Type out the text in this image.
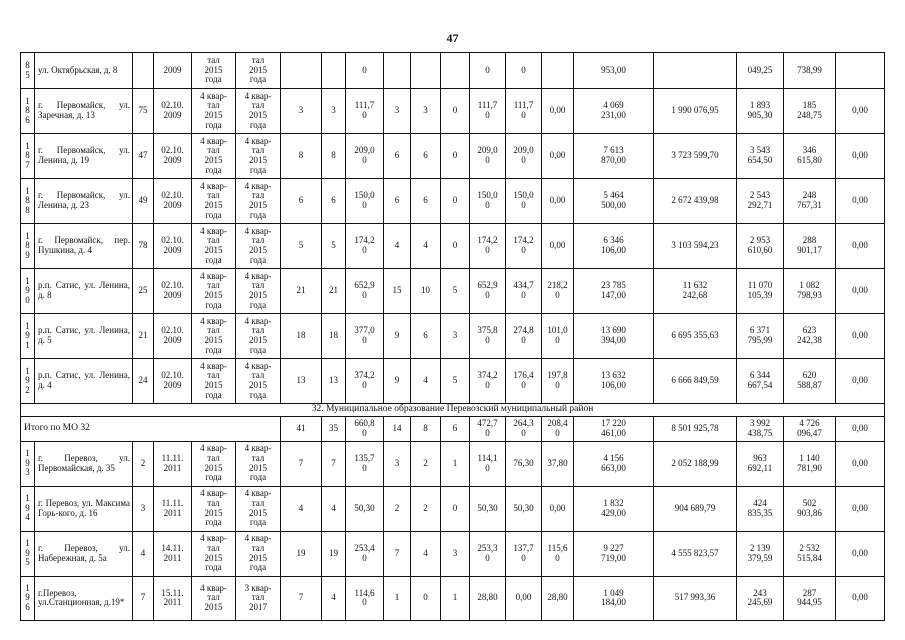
47
8
5	ул. Октябрьская, д. 8		2009	тал
2015
года	тал
2015
года			0				0	0		953,00		049,25	738,99	
1
8
6	г. Первомайск, ул. Заречная, д. 13	75	02.10.
2009	4 квар-
тал
2015
года	4 квар-
тал
2015
года	3	3	111,7
0	3	3	0	111,7
0	111,7
0	0,00	4 069
231,00	1 990 076,95	1 893
905,30	185
248,75	0,00
1
8
7	г. Первомайск, ул. Ленина, д. 19	47	02.10.
2009	4 квар-
тал
2015
года	4 квар-
тал
2015
года	8	8	209,0
0	6	6	0	209,0
0	209,0
0	0,00	7 613
870,00	3 723 599,70	3 543
654,50	346
615,80	0,00
1
8
8	г. Первомайск, ул. Ленина, д. 23	49	02.10.
2009	4 квар-
тал
2015
года	4 квар-
тал
2015
года	6	6	150,0
0	6	6	0	150,0
0	150,0
0	0,00	5 464
500,00	2 672 439,98	2 543
292,71	248
767,31	0,00
1
8
9	г. Первомайск, пер. Пушкина, д. 4	78	02.10.
2009	4 квар-
тал
2015
года	4 квар-
тал
2015
года	5	5	174,2
0	4	4	0	174,2
0	174,2
0	0,00	6 346
106,00	3 103 594,23	2 953
610,60	288
901,17	0,00
1
9
0	р.п. Сатис, ул. Ленина, д. 8	25	02.10.
2009	4 квар-
тал
2015
года	4 квар-
тал
2015
года	21	21	652,9
0	15	10	5	652,9
0	434,7
0	218,2
0	23 785
147,00	11 632
242,68	11 070
105,39	1 082
798,93	0,00
1
9
1	р.п. Сатис, ул. Ленина, д. 5	21	02.10.
2009	4 квар-
тал
2015
года	4 квар-
тал
2015
года	18	18	377,0
0	9	6	3	375,8
0	274,8
0	101,0
0	13 690
394,00	6 695 355,63	6 371
795,99	623
242,38	0,00
1
9
2	р.п. Сатис, ул. Ленина, д. 4	24	02.10.
2009	4 квар-
тал
2015
года	4 квар-
тал
2015
года	13	13	374,2
0	9	4	5	374,2
0	176,4
0	197,8
0	13 632
106,00	6 666 849,59	6 344
667,54	620
588,87	0,00
32. Муниципальное образование Перевозский муниципальный район																			
Итого по МО 32						41	35	660,8
0	14	8	6	472,7
0	264,3
0	208,4
0	17 220
461,00	8 501 925,78	3 992
438,75	4 726
096,47	0,00
1
9
3	г. Перевоз, ул. Первомайская, д. 35	2	11.11.
2011	4 квар-
тал
2015
года	4 квар-
тал
2015
года	7	7	135,7
0	3	2	1	114,1
0	76,30	37,80	4 156
663,00	2 052 188,99	963
692,11	1 140
781,90	0,00
1
9
4	г. Перевоз, ул. Максима Горь-кого, д. 16	3	11.11.
2011	4 квар-
тал
2015
года	4 квар-
тал
2015
года	4	4	50,30	2	2	0	50,30	50,30	0,00	1 832
429,00	904 689,79	424
835,35	502
903,86	0,00
1
9
5	г. Перевоз, ул. Набережная, д. 5а	4	14.11.
2011	4 квар-
тал
2015
года	4 квар-
тал
2015
года	19	19	253,4
0	7	4	3	253,3
0	137,7
0	115,6
0	9 227
719,00	4 555 823,57	2 139
379,59	2 532
515,84	0,00
1
9
6	г.Перевоз, ул.Станционная, д.19*	7	15.11.
2011	4 квар-
тал
2015	3 квар-
тал
2017	7	4	114,6
0	1	0	1	28,80	0,00	28,80	1 049
184,00	517 993,36	243
245,69	287
944,95	0,00
